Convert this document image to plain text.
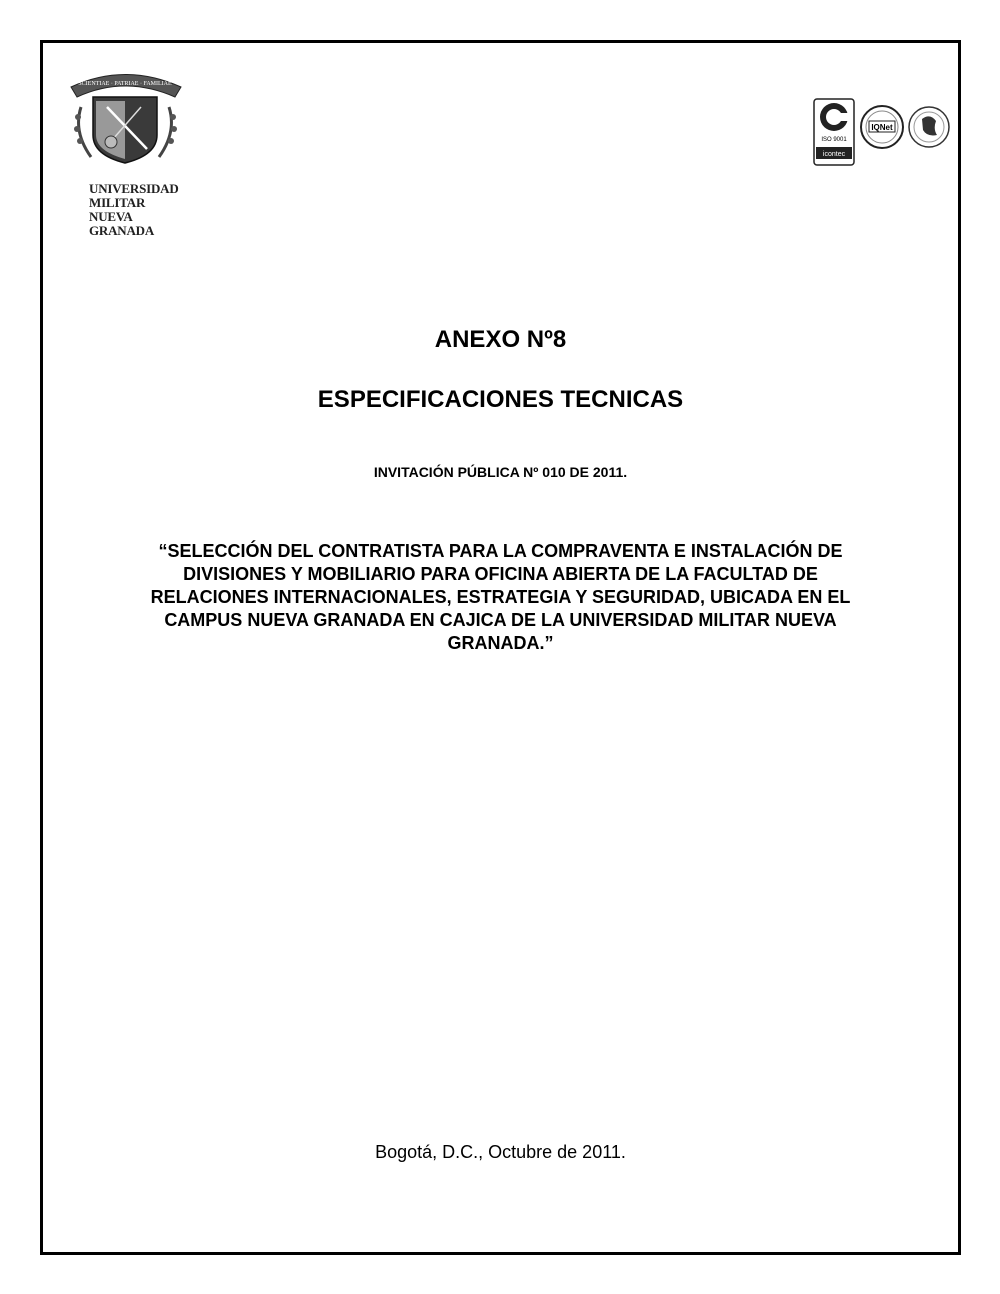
SCIENTIAE · PATRIAE · FAMILIAE
UNIVERSIDAD MILITAR
NUEVA GRANADA
ISO 9001
icontec
IQNet
ANEXO Nº8
ESPECIFICACIONES TECNICAS
INVITACIÓN PÚBLICA Nº 010 DE 2011.
“SELECCIÓN DEL CONTRATISTA PARA LA COMPRAVENTA E INSTALACIÓN DE DIVISIONES Y MOBILIARIO PARA OFICINA ABIERTA DE LA FACULTAD DE RELACIONES INTERNACIONALES, ESTRATEGIA Y SEGURIDAD, UBICADA EN EL CAMPUS NUEVA GRANADA EN CAJICA DE LA UNIVERSIDAD MILITAR NUEVA GRANADA.”
Bogotá, D.C., Octubre de 2011.
